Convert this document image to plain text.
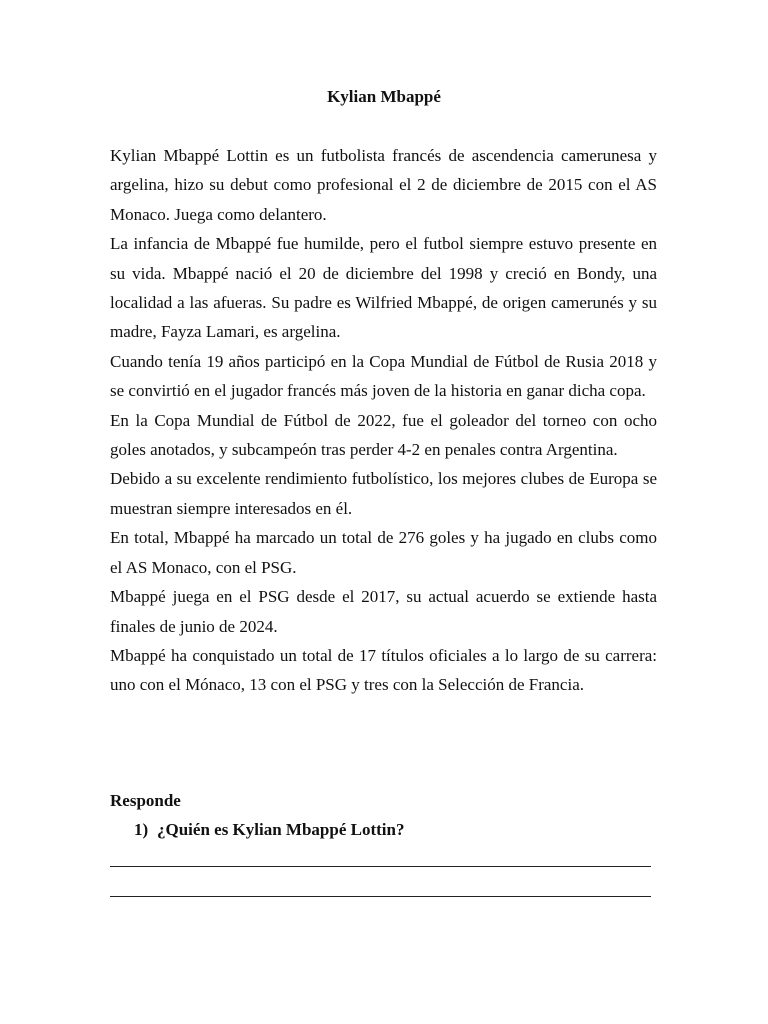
Kylian Mbappé

Kylian Mbappé Lottin es un futbolista francés de ascendencia camerunesa y argelina, hizo su debut como profesional el 2 de diciembre de 2015 con el AS Monaco. Juega como delantero.

La infancia de Mbappé fue humilde, pero el futbol siempre estuvo presente en su vida. Mbappé nació el 20 de diciembre del 1998 y creció en Bondy, una localidad a las afueras. Su padre es Wilfried Mbappé, de origen camerunés y su madre, Fayza Lamari, es argelina.

Cuando tenía 19 años participó en la Copa Mundial de Fútbol de Rusia 2018 y se convirtió en el jugador francés más joven de la historia en ganar dicha copa.

En la Copa Mundial de Fútbol de 2022, fue el goleador del torneo con ocho goles anotados, y subcampeón tras perder 4-2 en penales contra Argentina.

Debido a su excelente rendimiento futbolístico, los mejores clubes de Europa se muestran siempre interesados en él.

En total, Mbappé ha marcado un total de 276 goles y ha jugado en clubs como el AS Monaco, con el PSG.

Mbappé juega en el PSG desde el 2017, su actual acuerdo se extiende hasta finales de junio de 2024.

Mbappé ha conquistado un total de 17 títulos oficiales a lo largo de su carrera: uno con el Mónaco, 13 con el PSG y tres con la Selección de Francia.

Responde

1) ¿Quién es Kylian Mbappé Lottin?
